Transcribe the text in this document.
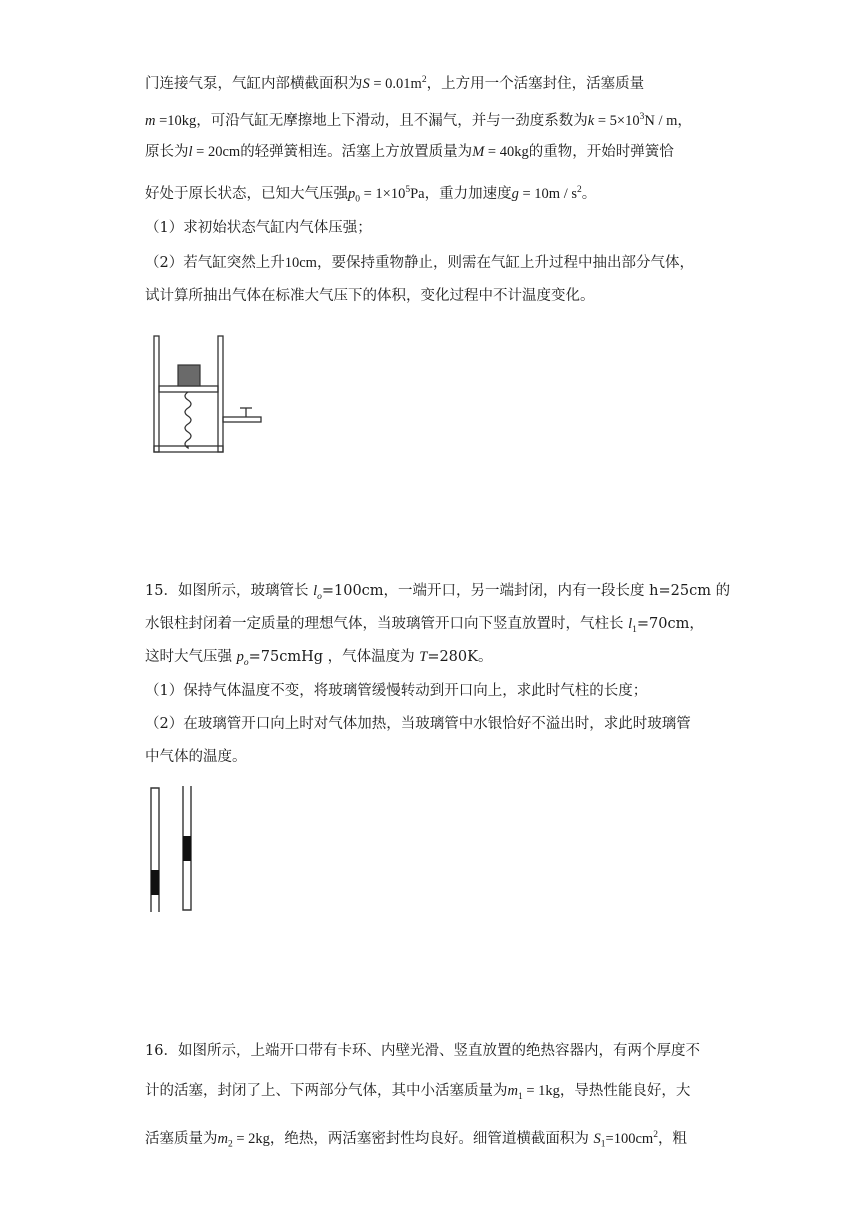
门连接气泵，气缸内部横截面积为$S = 0.01m^2$，上方用一个活塞封住，活塞质量
m =10kg，可沿气缸无摩擦地上下滑动，且不漏气，并与一劲度系数为$k = 5\times 10^3N / m$，
原长为l = 20cm的轻弹簧相连。活塞上方放置质量为M = 40kg的重物，开始时弹簧恰
好处于原长状态，已知大气压强$p_0 = 1\times 10^5Pa$，重力加速度$g = 10m / s^2$。
（1）求初始状态气缸内气体压强；
（2）若气缸突然上升10cm，要保持重物静止，则需在气缸上升过程中抽出部分气体，
试计算所抽出气体在标准大气压下的体积，变化过程中不计温度变化。
15．如图所示，玻璃管长 $l_o=100cm$，一端开口，另一端封闭，内有一段长度 h=25cm 的
水银柱封闭着一定质量的理想气体，当玻璃管开口向下竖直放置时，气柱长 $l_1=70cm$，
这时大气压强 $p_o=75cmHg$ ，气体温度为 T=280K。
（1）保持气体温度不变，将玻璃管缓慢转动到开口向上，求此时气柱的长度；
（2）在玻璃管开口向上时对气体加热，当玻璃管中水银恰好不溢出时，求此时玻璃管
中气体的温度。
16．如图所示，上端开口带有卡环、内壁光滑、竖直放置的绝热容器内，有两个厚度不
计的活塞，封闭了上、下两部分气体，其中小活塞质量为$m_1 = 1kg$，导热性能良好，大
活塞质量为$m_2 = 2kg$，绝热，两活塞密封性均良好。细管道横截面积为 $S_1=100cm^2$，粗
